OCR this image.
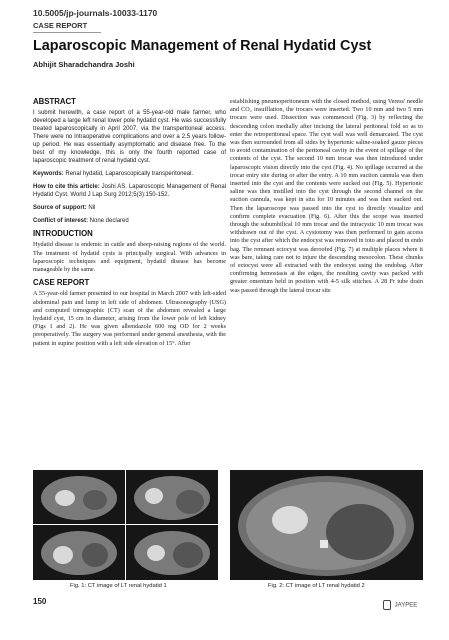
10.5005/jp-journals-10033-1170
CASE REPORT
Laparoscopic Management of Renal Hydatid Cyst
Abhijit Sharadchandra Joshi
ABSTRACT

I submit herewith, a case report of a 55-year-old male farmer, who developed a large left renal lower pole hydatid cyst. He was successfully treated laparoscopically in April 2007, via the transperitoneal access. There were no intraoperative complications and over a 2.5 years follow-up period. He was essentially asymptomatic and disease free. To the best of my knowledge, this is only the fourth reported case of laparoscopic treatment of renal hydatid cyst.

Keywords: Renal hydatid, Laparoscopically transperitoneal.

How to cite this article: Joshi AS. Laparoscopic Management of Renal Hydatid Cyst. World J Lap Surg 2012;5(3):150-152.

Source of support: Nil

Conflict of interest: None declared

INTRODUCTION

Hydatid disease is endemic in cattle and sheep-raising regions of the world. The treatment of hydatid cysts is principally surgical. With advances in laparoscopic techniques and equipment, hydatid disease has become manageable by the same.

CASE REPORT

A 55-year-old farmer presented to our hospital in March 2007 with left-sided abdominal pain and lump in left side of abdomen. Ultrasonography (USG) and computed tomographic (CT) scan of the abdomen revealed a large hydatid cyst, 15 cm in diameter, arising from the lower pole of left kidney (Figs 1 and 2). He was given albendazole 600 mg OD for 2 weeks preoperatively. The surgery was performed under general anesthesia, with the patient in supine position with a left side elevation of 15°. After

establishing pneumoperitoneum with the closed method, using Veress' needle and CO₂ insufflation, the trocars were inserted. Two 10 mm and two 5 mm trocars were used. Dissection was commenced (Fig. 3) by reflecting the descending colon medially after incising the lateral peritoneal fold so as to enter the retroperitoneal space. The cyst wall was well demarcated. The cyst was then surrounded from all sides by hypertonic saline-soaked gauze pieces to avoid contamination of the peritoneal cavity in the event of spillage of the contents of the cyst. The second 10 mm trocar was then introduced under laparoscopic vision directly into the cyst (Fig. 4). No spillage occurred at the trocar entry site during or after the entry. A 10 mm suction cannula was then inserted into the cyst and the contents were sucked out (Fig. 5). Hypertonic saline was then instilled into the cyst through the second channel on the suction cannula, was kept in situ for 10 minutes and was then sucked out. Then the laparoscope was passed into the cyst to directly visualize and confirm complete evacuation (Fig. 6). After this the scope was inserted through the subumbilical 10 mm trocar and the intracystic 10 mm trocar was withdrawn out of the cyst. A cystotomy was then performed to gain access into the cyst after which the endocyst was removed in toto and placed in endo bag. The remnant ectocyst was deroofed (Fig. 7) at multiple places where it was bare, taking care not to injure the descending mesocolon. These chunks of ectocyst were all extracted with the endocyst using the endobag. After confirming hemostasis at the edges, the resulting cavity was packed with greater omentum held in position with 4-5 silk stitches. A 28 Fr tube drain was passed through the lateral trocar site

Fig. 1: CT image of LT renal hydatid 1	Fig. 2: CT image of LT renal hydatid 2
150	JAYPEE
